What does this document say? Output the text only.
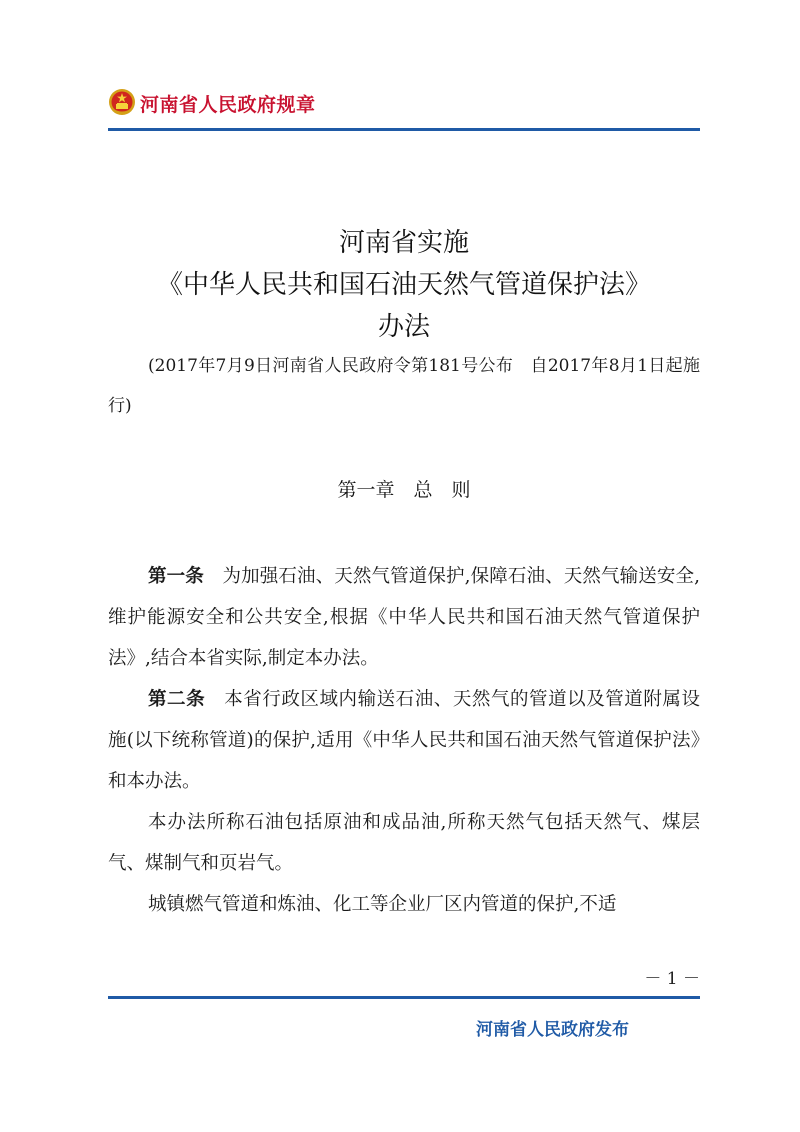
河南省人民政府规章
河南省实施
《中华人民共和国石油天然气管道保护法》
办法
(2017年7月9日河南省人民政府令第181号公布　自2017年8月1日起施行)
第一章　总　则

第一条　 为加强石油、天然气管道保护,保障石油、天然气输送安全,维护能源安全和公共安全,根据《中华人民共和国石油天然气管道保护法》,结合本省实际,制定本办法。

第二条　 本省行政区域内输送石油、天然气的管道以及管道附属设施(以下统称管道)的保护,适用《中华人民共和国石油天然气管道保护法》和本办法。

本办法所称石油包括原油和成品油,所称天然气包括天然气、煤层气、煤制气和页岩气。

城镇燃气管道和炼油、化工等企业厂区内管道的保护,不适

－ 1 －
河南省人民政府发布
